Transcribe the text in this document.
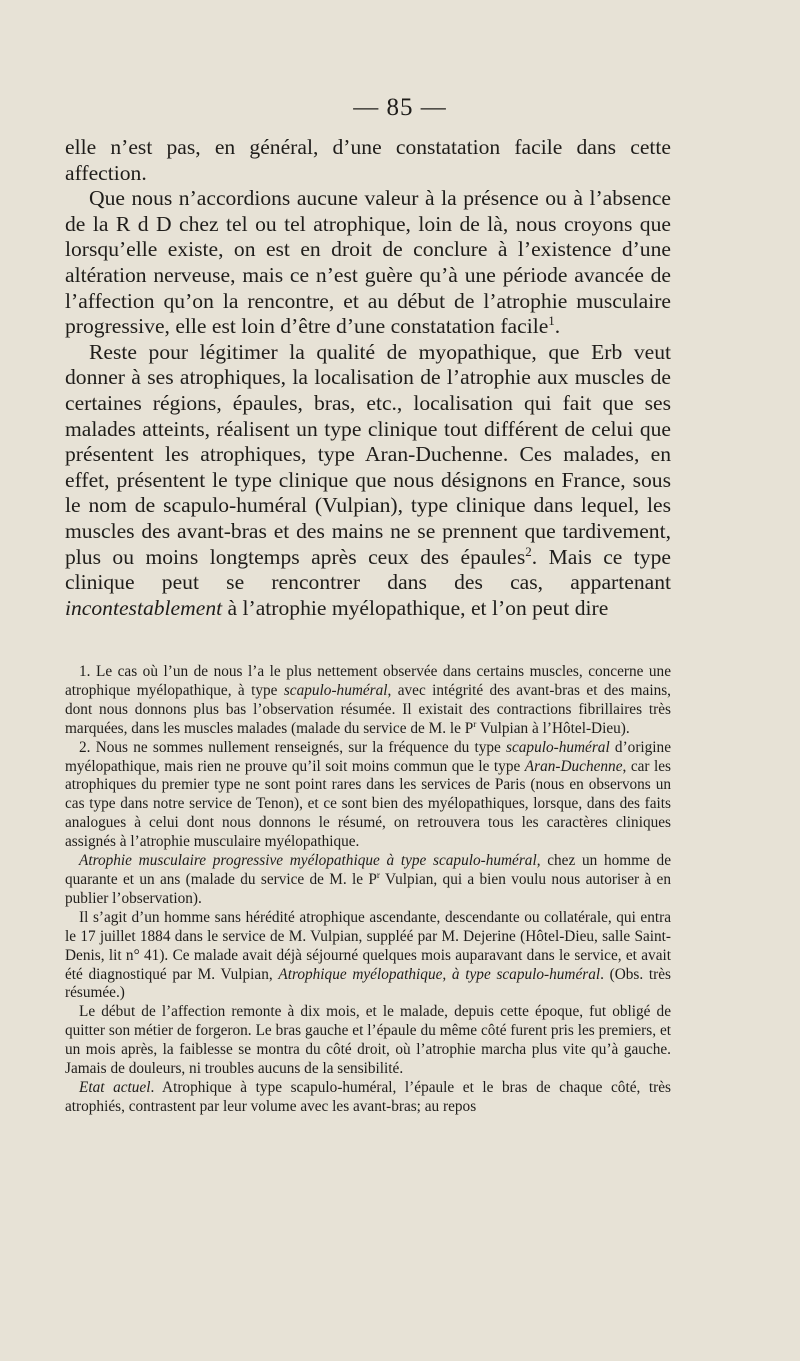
— 85 —

elle n’est pas, en général, d’une constatation facile dans cette affection.

Que nous n’accordions aucune valeur à la présence ou à l’absence de la R d D chez tel ou tel atrophique, loin de là, nous croyons que lorsqu’elle existe, on est en droit de conclure à l’existence d’une altération nerveuse, mais ce n’est guère qu’à une période avancée de l’affection qu’on la rencontre, et au début de l’atrophie musculaire progressive, elle est loin d’être d’une constatation facile$^1$.

Reste pour légitimer la qualité de myopathique, que Erb veut donner à ses atrophiques, la localisation de l’atrophie aux muscles de certaines régions, épaules, bras, etc., localisation qui fait que ses malades atteints, réalisent un type clinique tout différent de celui que présentent les atrophiques, type Aran-Duchenne. Ces malades, en effet, présentent le type clinique que nous désignons en France, sous le nom de scapulo-huméral (Vulpian), type clinique dans lequel, les muscles des avant-bras et des mains ne se prennent que tardivement, plus ou moins longtemps après ceux des épaules$^2$. Mais ce type clinique peut se rencontrer dans des cas, appartenant incontestablement à l’atrophie myélopathique, et l’on peut dire

1. Le cas où l’un de nous l’a le plus nettement observée dans certains muscles, concerne une atrophique myélopathique, à type scapulo-huméral, avec intégrité des avant-bras et des mains, dont nous donnons plus bas l’observation résumée. Il existait des contractions fibrillaires très marquées, dans les muscles malades (malade du service de M. le $P^r$ Vulpian à l’Hôtel-Dieu).

2. Nous ne sommes nullement renseignés, sur la fréquence du type scapulo-huméral d’origine myélopathique, mais rien ne prouve qu’il soit moins commun que le type Aran-Duchenne, car les atrophiques du premier type ne sont point rares dans les services de Paris (nous en observons un cas type dans notre service de Tenon), et ce sont bien des myélopathiques, lorsque, dans des faits analogues à celui dont nous donnons le résumé, on retrouvera tous les caractères cliniques assignés à l’atrophie musculaire myélopathique.

Atrophie musculaire progressive myélopathique à type scapulo-huméral, chez un homme de quarante et un ans (malade du service de M. le $P^r$ Vulpian, qui a bien voulu nous autoriser à en publier l’observation).

Il s’agit d’un homme sans hérédité atrophique ascendante, descendante ou collatérale, qui entra le 17 juillet 1884 dans le service de M. Vulpian, suppléé par M. Dejerine (Hôtel-Dieu, salle Saint-Denis, lit n° 41). Ce malade avait déjà séjourné quelques mois auparavant dans le service, et avait été diagnostiqué par M. Vulpian, Atrophique myélopathique, à type scapulo-huméral. (Obs. très résumée.)

Le début de l’affection remonte à dix mois, et le malade, depuis cette époque, fut obligé de quitter son métier de forgeron. Le bras gauche et l’épaule du même côté furent pris les premiers, et un mois après, la faiblesse se montra du côté droit, où l’atrophie marcha plus vite qu’à gauche. Jamais de douleurs, ni troubles aucuns de la sensibilité.

Etat actuel. Atrophique à type scapulo-huméral, l’épaule et le bras de chaque côté, très atrophiés, contrastent par leur volume avec les avant-bras; au repos
